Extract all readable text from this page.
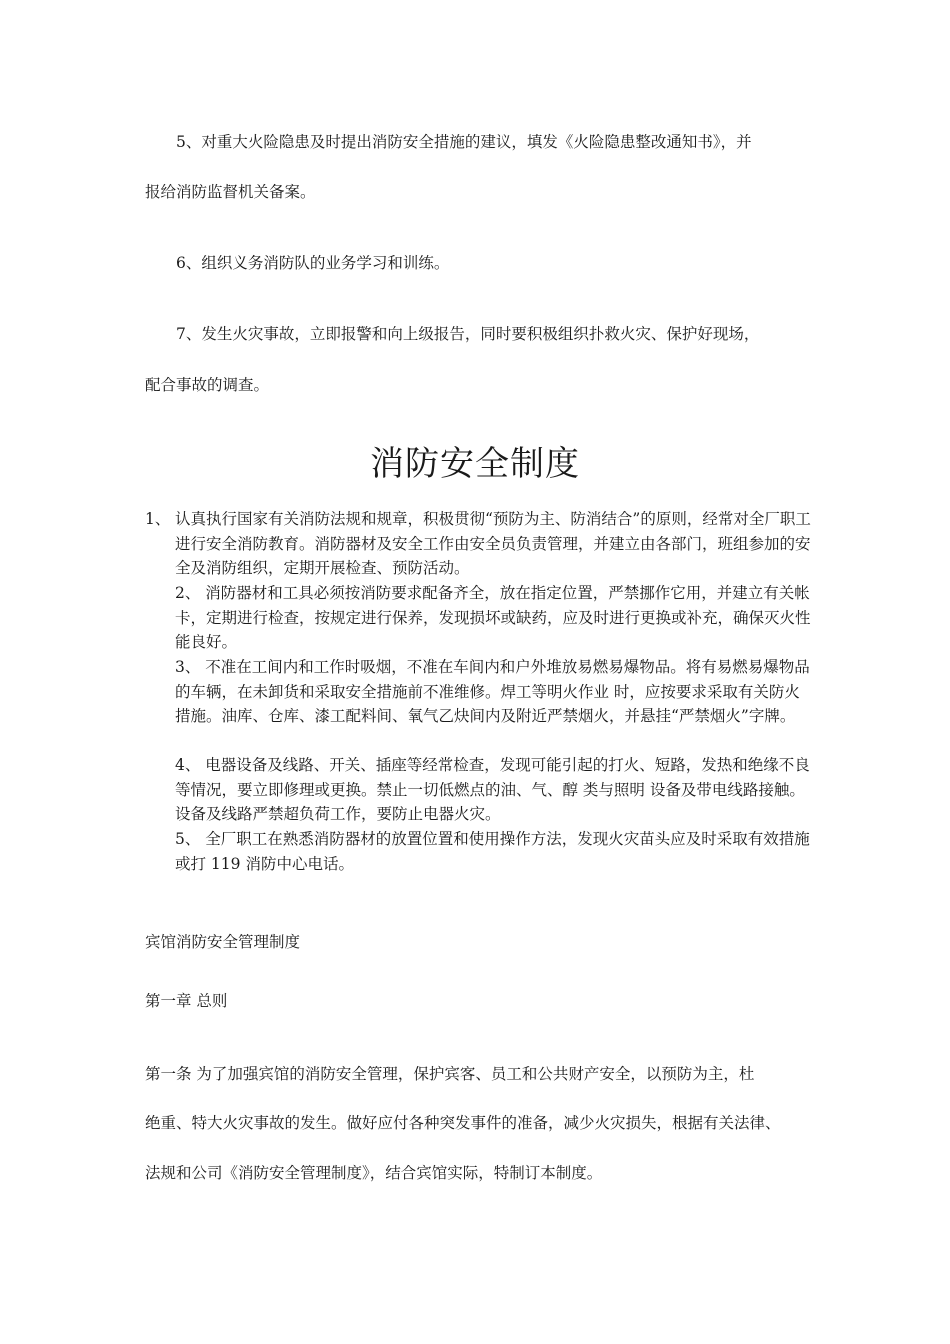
5、对重大火险隐患及时提出消防安全措施的建议，填发《火险隐患整改通知书》，并
报给消防监督机关备案。
6、组织义务消防队的业务学习和训练。
7、发生火灾事故，立即报警和向上级报告，同时要积极组织扑救火灾、保护好现场，
配合事故的调查。
消防安全制度
1、 认真执行国家有关消防法规和规章，积极贯彻“预防为主、防消结合”的原则，经常对全厂职工进行安全消防教育。消防器材及安全工作由安全员负责管理，并建立由各部门，班组参加的安全及消防组织，定期开展检查、预防活动。
2、 消防器材和工具必须按消防要求配备齐全，放在指定位置，严禁挪作它用，并建立有关帐卡，定期进行检查，按规定进行保养，发现损坏或缺药，应及时进行更换或补充，确保灭火性能良好。
3、 不准在工间内和工作时吸烟，不准在车间内和户外堆放易燃易爆物品。将有易燃易爆物品的车辆，在未卸货和采取安全措施前不准维修。焊工等明火作业 时，应按要求采取有关防火措施。油库、仓库、漆工配料间、氧气乙炔间内及附近严禁烟火，并悬挂“严禁烟火”字牌。
4、 电器设备及线路、开关、插座等经常检查，发现可能引起的打火、短路，发热和绝缘不良等情况，要立即修理或更换。禁止一切低燃点的油、气、醇 类与照明 设备及带电线路接触。设备及线路严禁超负荷工作，要防止电器火灾。
5、 全厂职工在熟悉消防器材的放置位置和使用操作方法，发现火灾苗头应及时采取有效措施或打 119 消防中心电话。
宾馆消防安全管理制度
第一章 总则
第一条 为了加强宾馆的消防安全管理，保护宾客、员工和公共财产安全，以预防为主，杜
绝重、特大火灾事故的发生。做好应付各种突发事件的准备，减少火灾损失，根据有关法律、
法规和公司《消防安全管理制度》，结合宾馆实际，特制订本制度。
